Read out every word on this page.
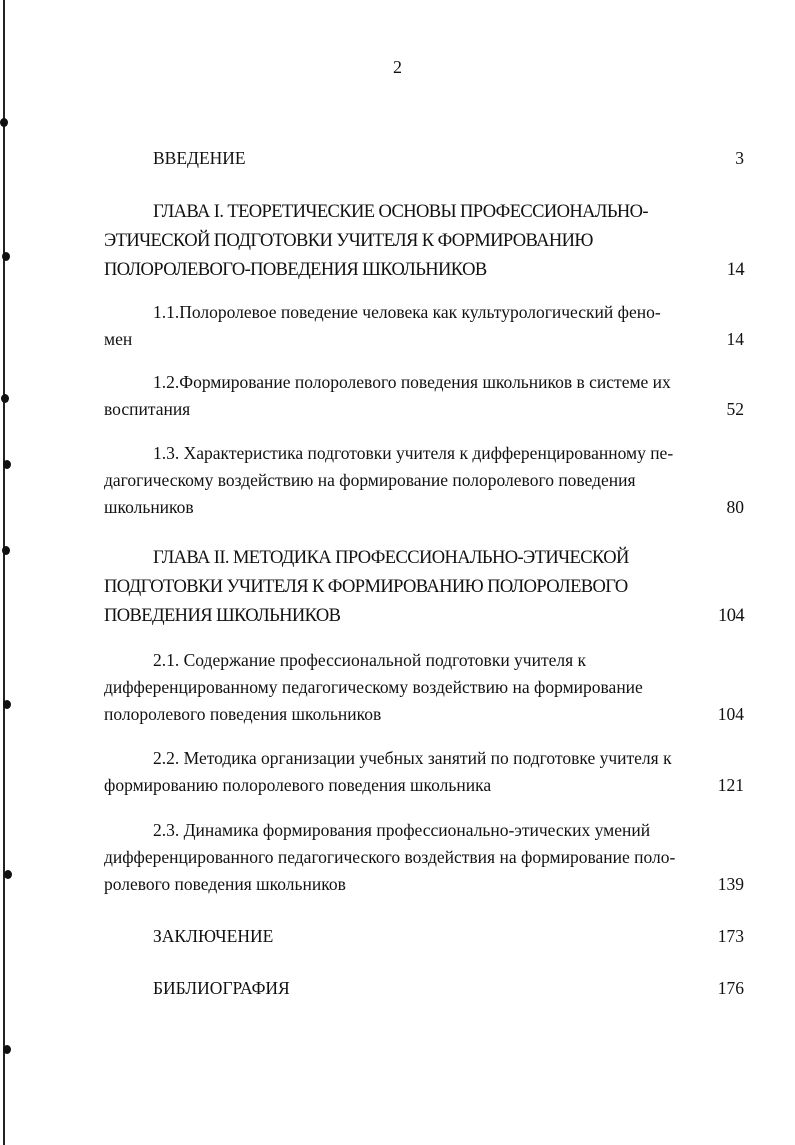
2
ВВЕДЕНИЕ	3
ГЛАВА I. ТЕОРЕТИЧЕСКИЕ ОСНОВЫ ПРОФЕССИОНАЛЬНО-
ЭТИЧЕСКОЙ ПОДГОТОВКИ УЧИТЕЛЯ К ФОРМИРОВАНИЮ
ПОЛОРОЛЕВОГО-ПОВЕДЕНИЯ ШКОЛЬНИКОВ	14
1.1.Полоролевое поведение человека как культурологический фено-
мен	14
1.2.Формирование полоролевого поведения школьников в системе их
воспитания	52
1.3. Характеристика подготовки учителя к дифференцированному пе-
дагогическому воздействию на формирование полоролевого поведения
школьников	80
ГЛАВА II. МЕТОДИКА ПРОФЕССИОНАЛЬНО-ЭТИЧЕСКОЙ
ПОДГОТОВКИ УЧИТЕЛЯ К ФОРМИРОВАНИЮ ПОЛОРОЛЕВОГО
ПОВЕДЕНИЯ ШКОЛЬНИКОВ	104
2.1. Содержание профессиональной подготовки учителя к
дифференцированному педагогическому воздействию на формирование
полоролевого поведения школьников	104
2.2. Методика организации учебных занятий по подготовке учителя к
формированию полоролевого поведения школьника	121
2.3. Динамика формирования профессионально-этических умений
дифференцированного педагогического воздействия на формирование поло-
ролевого поведения школьников	139
ЗАКЛЮЧЕНИЕ	173
БИБЛИОГРАФИЯ	176
